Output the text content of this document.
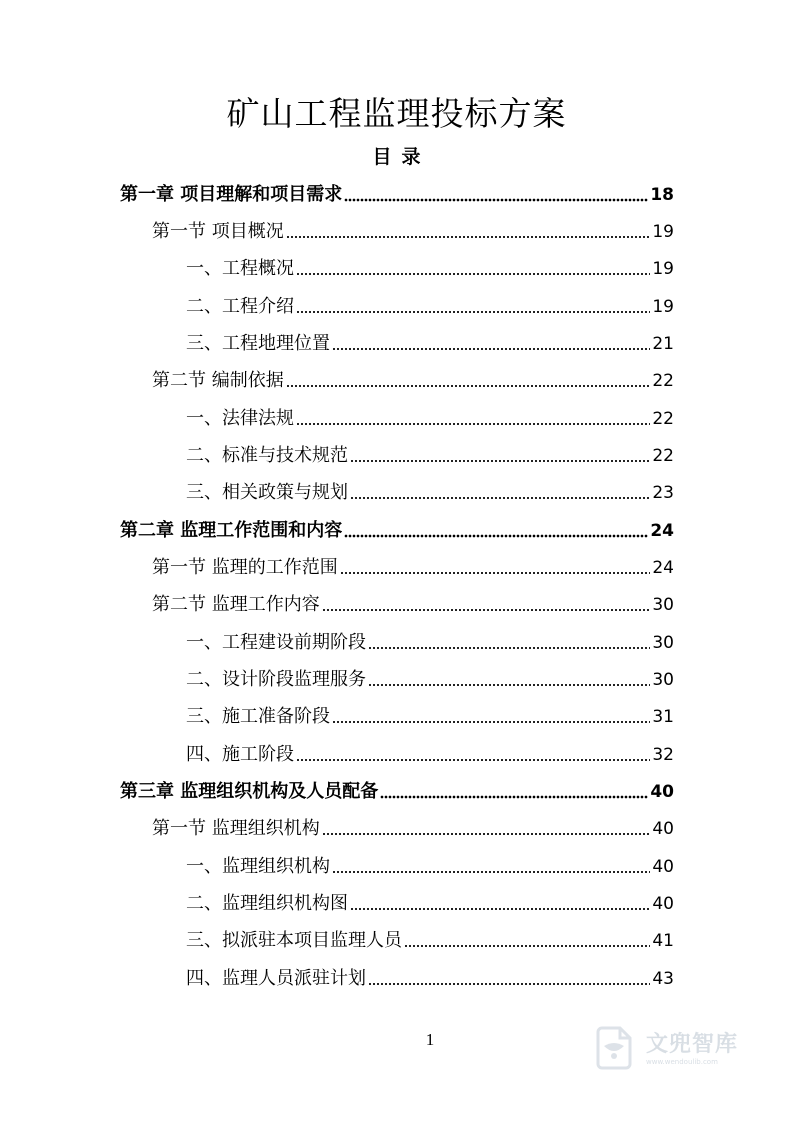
矿山工程监理投标方案
目录
第一章 项目理解和项目需求	18
第一节 项目概况	19
一、工程概况	19
二、工程介绍	19
三、工程地理位置	21
第二节 编制依据	22
一、法律法规	22
二、标准与技术规范	22
三、相关政策与规划	23
第二章 监理工作范围和内容	24
第一节 监理的工作范围	24
第二节 监理工作内容	30
一、工程建设前期阶段	30
二、设计阶段监理服务	30
三、施工准备阶段	31
四、施工阶段	32
第三章 监理组织机构及人员配备	40
第一节 监理组织机构	40
一、监理组织机构	40
二、监理组织机构图	40
三、拟派驻本项目监理人员	41
四、监理人员派驻计划	43
1	文兜智库
www.wendoulib.com
